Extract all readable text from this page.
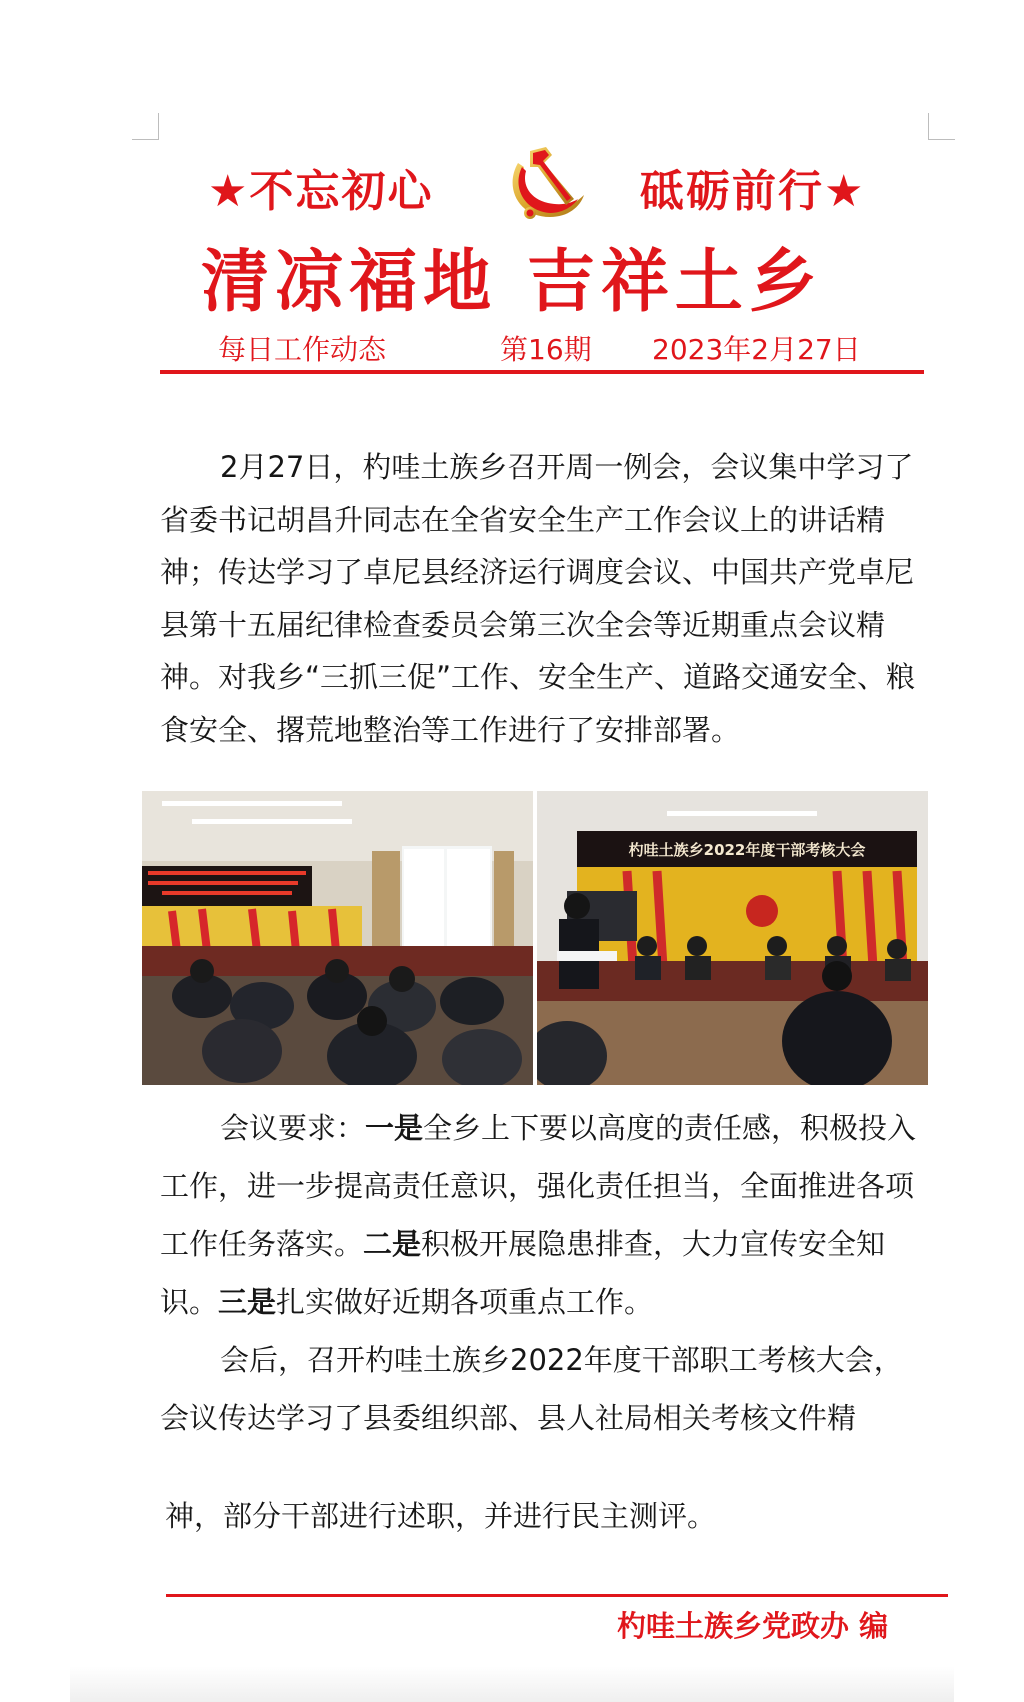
★不忘初心	砥砺前行★
清凉福地 吉祥土乡
每日工作动态	第16期 2023年2月27日

2月27日，杓哇土族乡召开周一例会，会议集中学习了省委书记胡昌升同志在全省安全生产工作会议上的讲话精神；传达学习了卓尼县经济运行调度会议、中国共产党卓尼县第十五届纪律检查委员会第三次全会等近期重点会议精神。对我乡“三抓三促”工作、安全生产、道路交通安全、粮食安全、撂荒地整治等工作进行了安排部署。

杓哇土族乡2022年度干部考核大会

会议要求：一是全乡上下要以高度的责任感，积极投入工作，进一步提高责任意识，强化责任担当，全面推进各项工作任务落实。二是积极开展隐患排查，大力宣传安全知识。三是扎实做好近期各项重点工作。

会后，召开杓哇土族乡2022年度干部职工考核大会，会议传达学习了县委组织部、县人社局相关考核文件精

神，部分干部进行述职，并进行民主测评。

杓哇土族乡党政办 编
